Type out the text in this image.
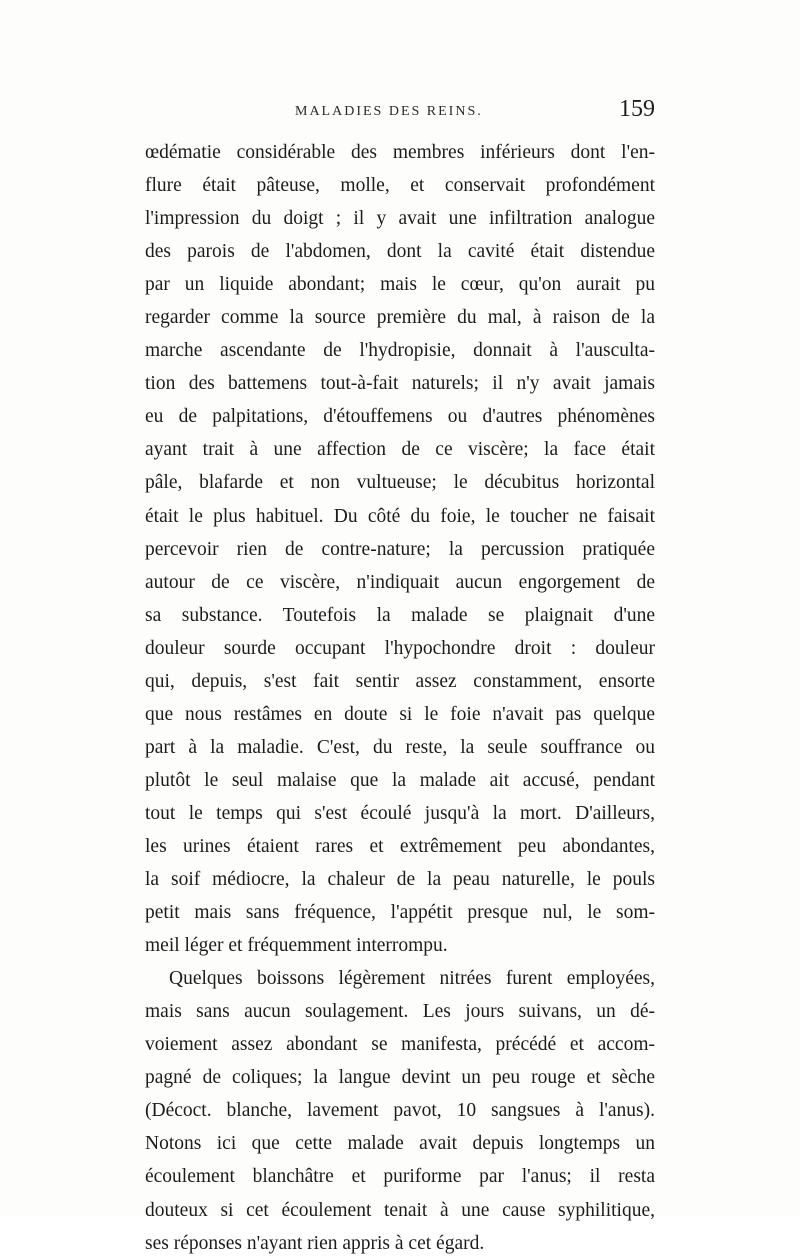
MALADIES DES REINS.	159
œdématie considérable des membres inférieurs dont l'en-
flure était pâteuse, molle, et conservait profondément
l'impression du doigt ; il y avait une infiltration analogue
des parois de l'abdomen, dont la cavité était distendue
par un liquide abondant; mais le cœur, qu'on aurait pu
regarder comme la source première du mal, à raison de la
marche ascendante de l'hydropisie, donnait à l'ausculta-
tion des battemens tout-à-fait naturels; il n'y avait jamais
eu de palpitations, d'étouffemens ou d'autres phénomènes
ayant trait à une affection de ce viscère; la face était
pâle, blafarde et non vultueuse; le décubitus horizontal
était le plus habituel. Du côté du foie, le toucher ne faisait
percevoir rien de contre-nature; la percussion pratiquée
autour de ce viscère, n'indiquait aucun engorgement de
sa substance. Toutefois la malade se plaignait d'une
douleur sourde occupant l'hypochondre droit : douleur
qui, depuis, s'est fait sentir assez constamment, ensorte
que nous restâmes en doute si le foie n'avait pas quelque
part à la maladie. C'est, du reste, la seule souffrance ou
plutôt le seul malaise que la malade ait accusé, pendant
tout le temps qui s'est écoulé jusqu'à la mort. D'ailleurs,
les urines étaient rares et extrêmement peu abondantes,
la soif médiocre, la chaleur de la peau naturelle, le pouls
petit mais sans fréquence, l'appétit presque nul, le som-
meil léger et fréquemment interrompu.
Quelques boissons légèrement nitrées furent employées,
mais sans aucun soulagement. Les jours suivans, un dé-
voiement assez abondant se manifesta, précédé et accom-
pagné de coliques; la langue devint un peu rouge et sèche
(Décoct. blanche, lavement pavot, 10 sangsues à l'anus).
Notons ici que cette malade avait depuis longtemps un
écoulement blanchâtre et puriforme par l'anus; il resta
douteux si cet écoulement tenait à une cause syphilitique,
ses réponses n'ayant rien appris à cet égard.
